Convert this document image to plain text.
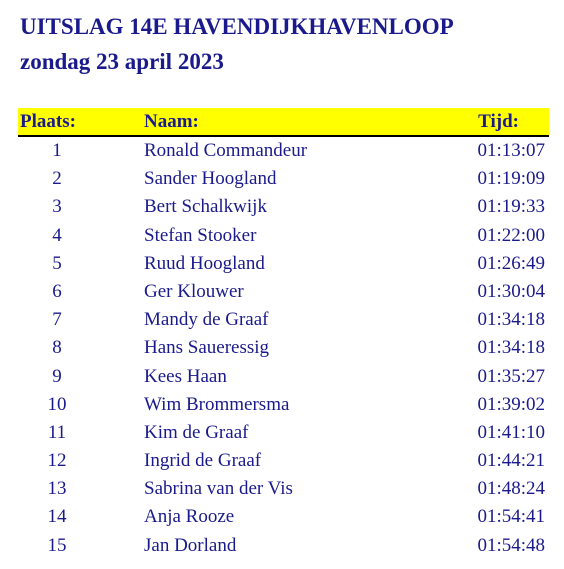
UITSLAG 14E HAVENDIJKHAVENLOOP
zondag 23 april 2023
Plaats:	Naam:	Tijd:
1	Ronald Commandeur	01:13:07
2	Sander Hoogland	01:19:09
3	Bert Schalkwijk	01:19:33
4	Stefan Stooker	01:22:00
5	Ruud Hoogland	01:26:49
6	Ger Klouwer	01:30:04
7	Mandy de Graaf	01:34:18
8	Hans Saueressig	01:34:18
9	Kees Haan	01:35:27
10	Wim Brommersma	01:39:02
11	Kim de Graaf	01:41:10
12	Ingrid de Graaf	01:44:21
13	Sabrina van der Vis	01:48:24
14	Anja Rooze	01:54:41
15	Jan Dorland	01:54:48
